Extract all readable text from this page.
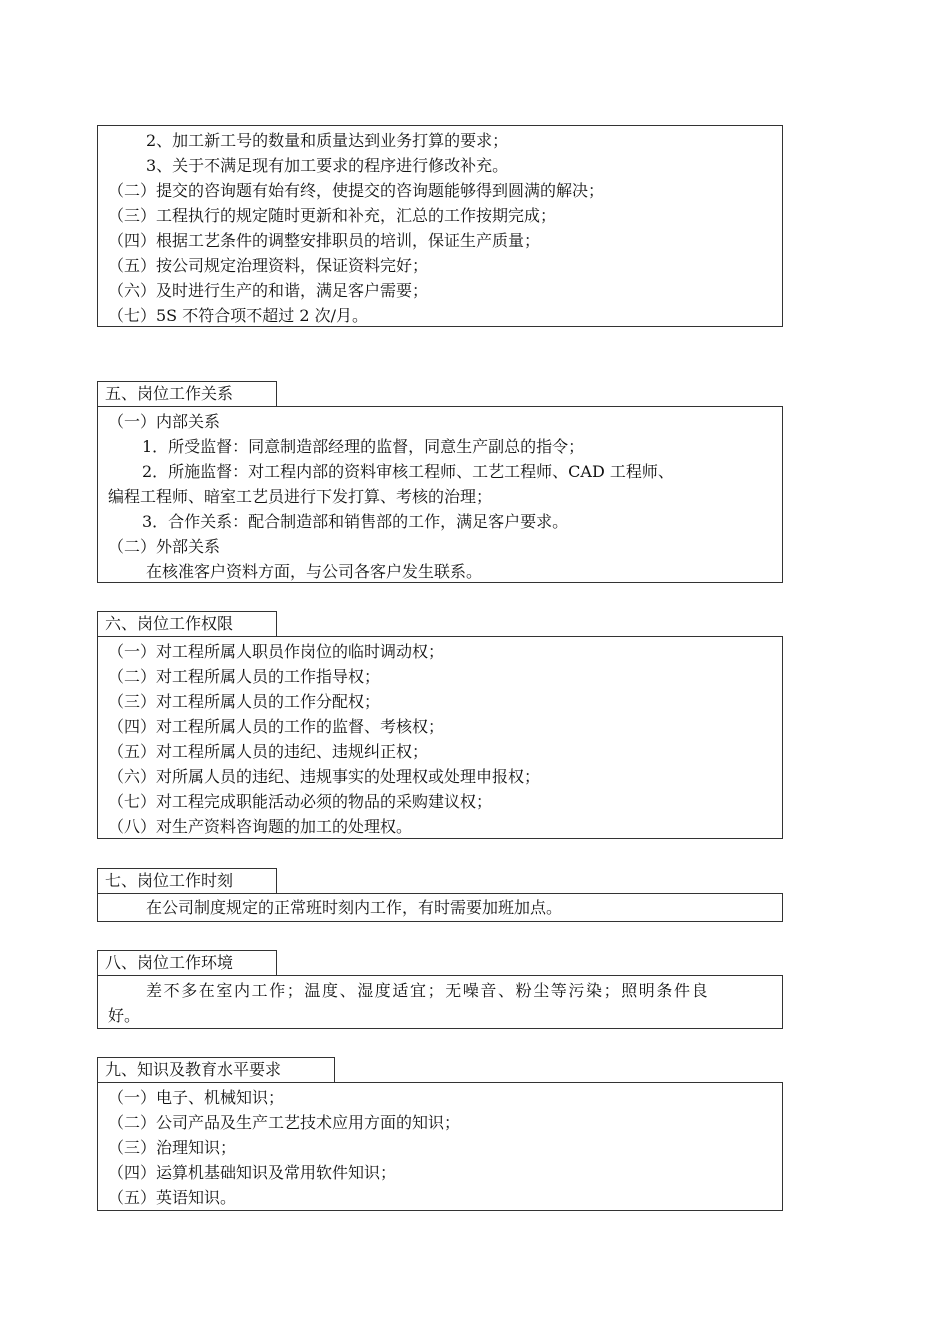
2、加工新工号的数量和质量达到业务打算的要求；
3、关于不满足现有加工要求的程序进行修改补充。
（二）提交的咨询题有始有终，使提交的咨询题能够得到圆满的解决；
（三）工程执行的规定随时更新和补充，汇总的工作按期完成；
（四）根据工艺条件的调整安排职员的培训，保证生产质量；
（五）按公司规定治理资料，保证资料完好；
（六）及时进行生产的和谐，满足客户需要；
（七）5S 不符合项不超过 2 次/月。
五、岗位工作关系
（一）内部关系
1．所受监督：同意制造部经理的监督，同意生产副总的指令；
2．所施监督：对工程内部的资料审核工程师、工艺工程师、CAD 工程师、
编程工程师、暗室工艺员进行下发打算、考核的治理；
3．合作关系：配合制造部和销售部的工作，满足客户要求。
（二）外部关系
在核准客户资料方面，与公司各客户发生联系。
六、岗位工作权限
（一）对工程所属人职员作岗位的临时调动权；
（二）对工程所属人员的工作指导权；
（三）对工程所属人员的工作分配权；
（四）对工程所属人员的工作的监督、考核权；
（五）对工程所属人员的违纪、违规纠正权；
（六）对所属人员的违纪、违规事实的处理权或处理申报权；
（七）对工程完成职能活动必须的物品的采购建议权；
（八）对生产资料咨询题的加工的处理权。
七、岗位工作时刻
在公司制度规定的正常班时刻内工作，有时需要加班加点。
八、岗位工作环境
差不多在室内工作；温度、湿度适宜；无噪音、粉尘等污染；照明条件良
好。
九、知识及教育水平要求
（一）电子、机械知识；
（二）公司产品及生产工艺技术应用方面的知识；
（三）治理知识；
（四）运算机基础知识及常用软件知识；
（五）英语知识。
